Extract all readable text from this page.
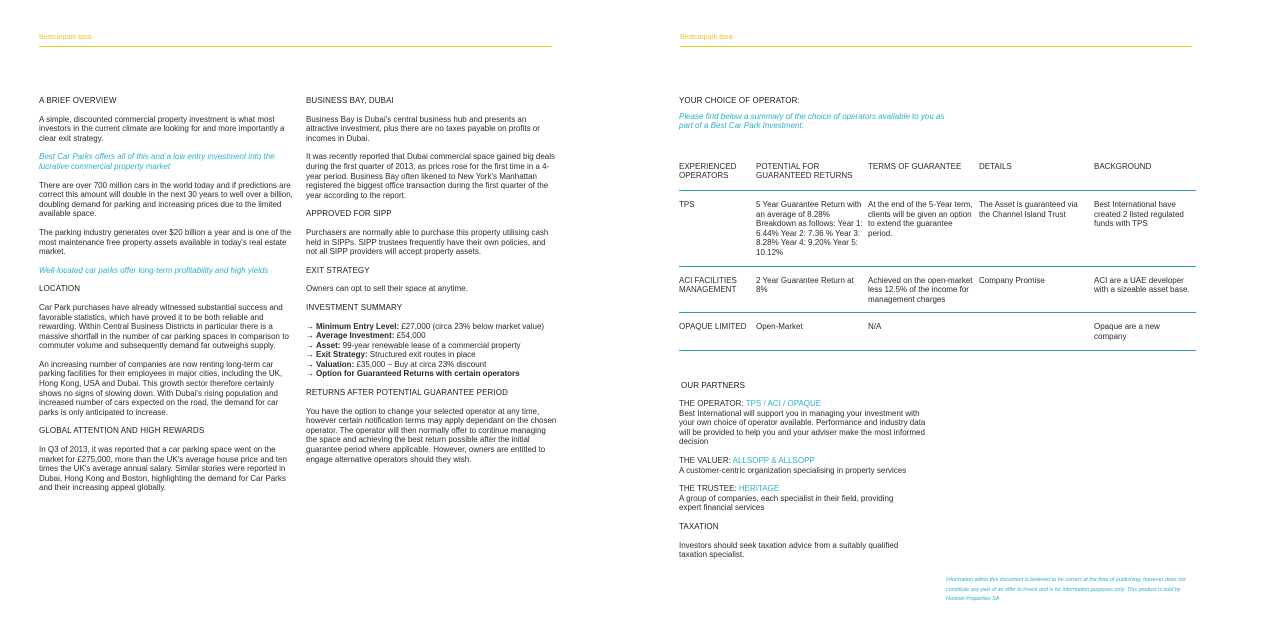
Bestcarpark.tpsa	Bestcarpark.tpsa
A BRIEF OVERVIEW
A simple, discounted commercial property investment is what most investors in the current climate are looking for and more importantly a clear exit strategy.
Best Car Parks offers all of this and a low entry investment into the lucrative commercial property market
There are over 700 million cars in the world today and if predictions are correct this amount will double in the next 30 years to well over a billion, doubling demand for parking and increasing prices due to the limited available space.
The parking industry generates over $20 billion a year and is one of the most maintenance free property assets available in today's real estate market.
Well-located car parks offer long-term profitability and high yields
LOCATION
Car Park purchases have already witnessed substantial success and favorable statistics, which have proved it to be both reliable and rewarding. Within Central Business Districts in particular there is a massive shortfall in the number of car parking spaces in comparison to commuter volume and subsequently demand far outweighs supply.
An increasing number of companies are now renting long-term car parking facilities for their employees in major cities, including the UK, Hong Kong, USA and Dubai. This growth sector therefore certainly shows no signs of slowing down. With Dubai's rising population and increased number of cars expected on the road, the demand for car parks is only anticipated to increase.
GLOBAL ATTENTION AND HIGH REWARDS
In Q3 of 2013, it was reported that a car parking space went on the market for £275,000, more than the UK's average house price and ten times the UK's average annual salary. Similar stories were reported in Dubai, Hong Kong and Boston, highlighting the demand for Car Parks and their increasing appeal globally.
BUSINESS BAY, DUBAI
Business Bay is Dubai's central business hub and presents an attractive investment, plus there are no taxes payable on profits or incomes in Dubai.
It was recently reported that Dubai commercial space gained big deals during the first quarter of 2013, as prices rose for the first time in a 4-year period. Business Bay often likened to New York's Manhattan registered the biggest office transaction during the first quarter of the year according to the report.
APPROVED FOR SIPP
Purchasers are normally able to purchase this property utilising cash held in SIPPs. SIPP trustees frequently have their own policies, and not all SIPP providers will accept property assets.
EXIT STRATEGY
Owners can opt to sell their space at anytime.
INVESTMENT SUMMARY
→ Minimum Entry Level: £27,000 (circa 23% below market value)
→ Average Investment: £54,000
→ Asset: 99-year renewable lease of a commercial property
→ Exit Strategy: Structured exit routes in place
→ Valuation: £35,000 – Buy at circa 23% discount
→ Option for Guaranteed Returns with certain operators
RETURNS AFTER POTENTIAL GUARANTEE PERIOD
You have the option to change your selected operator at any time, however certain notification terms may apply dependant on the chosen operator. The operator will then normally offer to continue managing the space and achieving the best return possible after the initial guarantee period where applicable. However, owners are entitled to engage alternative operators should they wish.
YOUR CHOICE OF OPERATOR:
Please find below a summary of the choice of operators available to you as part of a Best Car Park Investment:
EXPERIENCED OPERATORS	POTENTIAL FOR GUARANTEED RETURNS	TERMS OF GUARANTEE	DETAILS	BACKGROUND
TPS	5 Year Guarantee Return with an average of 8.28% Breakdown as follows: Year 1: 6.44% Year 2: 7.36 % Year 3: 8.28% Year 4: 9.20% Year 5: 10.12%	At the end of the 5-Year term, clients will be given an option to extend the guarantee period.	The Asset is guaranteed via the Channel Island Trust	Best International have created 2 listed regulated funds with TPS
ACI FACILITIES MANAGEMENT	2 Year Guarantee Return at 8%	Achieved on the open-market less 12.5% of the income for management charges	Company Promise	ACI are a UAE developer with a sizeable asset base.
OPAQUE LIMITED	Open-Market	N/A		Opaque are a new company
OUR PARTNERS
THE OPERATOR: TPS / ACI / OPAQUE
Best International will support you in managing your investment with your own choice of operator available. Performance and industry data will be provided to help you and your adviser make the most informed decision
THE VALUER: ALLSOPP & ALLSOPP
A customer-centric organization specialising in property services
THE TRUSTEE: HERITAGE
A group of companies, each specialist in their field, providing expert financial services
TAXATION
Investors should seek taxation advice from a suitably qualified taxation specialist.
Information within this document is believed to be correct at the time of publishing, however does not constitute any part of an offer to invest and is for information purposes only. This product is sold by Horizon Properties SA
